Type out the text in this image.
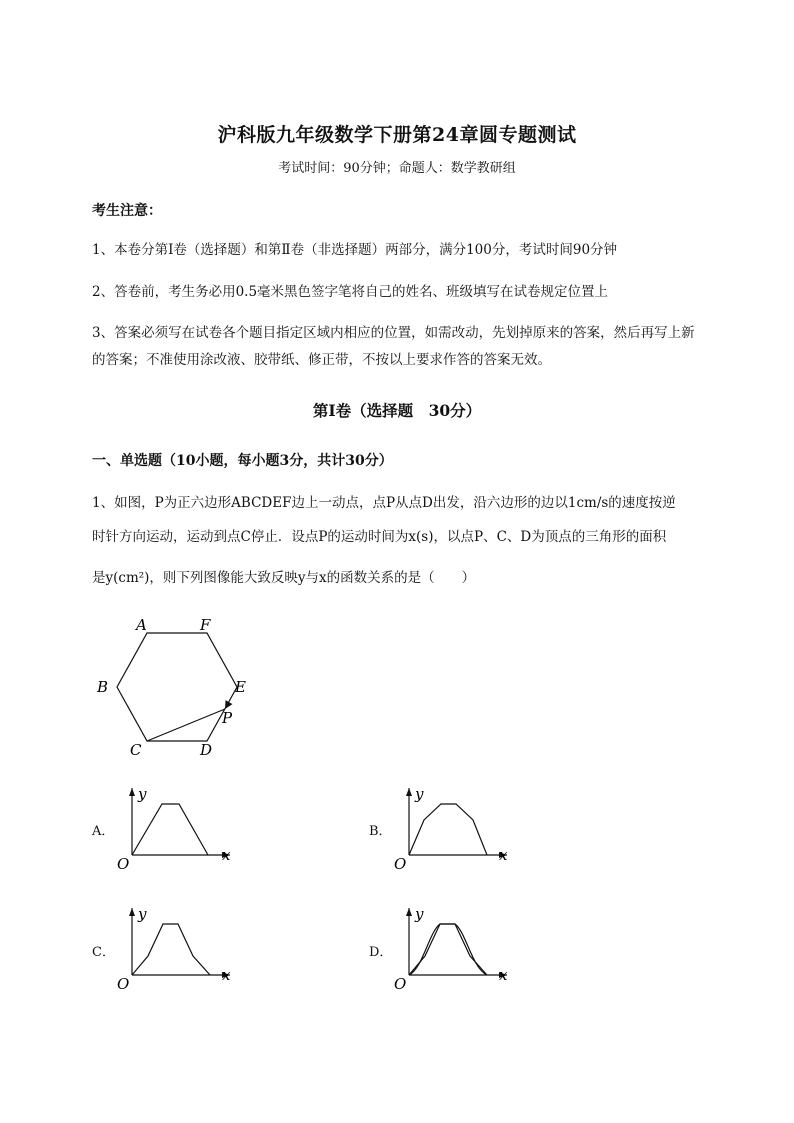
沪科版九年级数学下册第24章圆专题测试
考试时间：90分钟；命题人：数学教研组
考生注意：
1、本卷分第I卷（选择题）和第Ⅱ卷（非选择题）两部分，满分100分，考试时间90分钟
2、答卷前，考生务必用0.5毫米黑色签字笔将自己的姓名、班级填写在试卷规定位置上
3、答案必须写在试卷各个题目指定区域内相应的位置，如需改动，先划掉原来的答案，然后再写上新
的答案；不准使用涂改液、胶带纸、修正带，不按以上要求作答的答案无效。
第I卷（选择题　30分）
一、单选题（10小题，每小题3分，共计30分）
1、如图，P为正六边形ABCDEF边上一动点，点P从点D出发，沿六边形的边以1cm/s的速度按逆
时针方向运动，运动到点C停止．设点P的运动时间为x(s)，以点P、C、D为顶点的三角形的面积
是y(cm²)，则下列图像能大致反映y与x的函数关系的是（　　）
A	F
B	E
P
C	D
A．
y
x
O
B．
y
x
O
C．
y
x
O
D．
y
x
O
